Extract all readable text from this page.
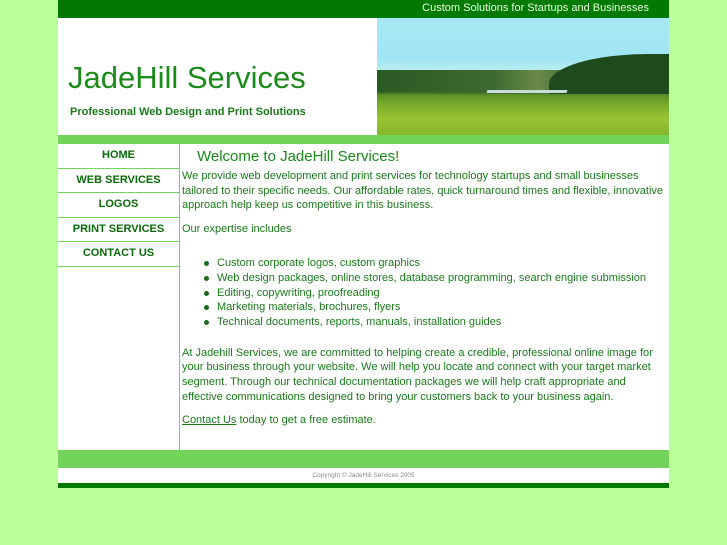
Custom Solutions for Startups and Businesses
JadeHill Services
Professional Web Design and Print Solutions
HOME
WEB SERVICES
LOGOS
PRINT SERVICES
CONTACT US
Welcome to JadeHill Services!

We provide web development and print services for technology startups and small businesses tailored to their specific needs. Our affordable rates, quick turnaround times and flexible, innovative approach help keep us competitive in this business.

Our expertise includes

Custom corporate logos, custom graphics
Web design packages, online stores, database programming, search engine submission
Editing, copywriting, proofreading
Marketing materials, brochures, flyers
Technical documents, reports, manuals, installation guides

At Jadehill Services, we are committed to helping create a credible, professional online image for your business through your website. We will help you locate and connect with your target market segment. Through our technical documentation packages we will help craft appropriate and effective communications designed to bring your customers back to your business again.

Contact Us today to get a free estimate.

Copyright © JadeHill Services 2005
